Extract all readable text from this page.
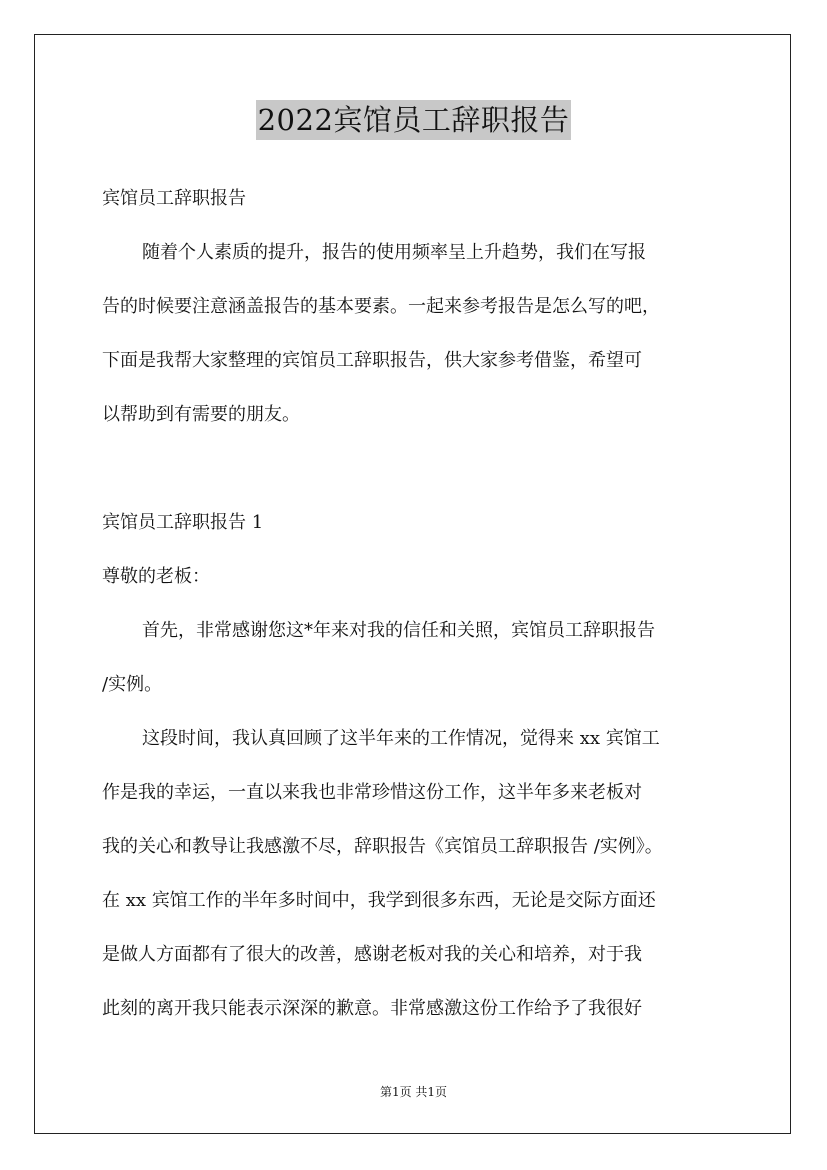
2022宾馆员工辞职报告
宾馆员工辞职报告
随着个人素质的提升，报告的使用频率呈上升趋势，我们在写报
告的时候要注意涵盖报告的基本要素。一起来参考报告是怎么写的吧，
下面是我帮大家整理的宾馆员工辞职报告，供大家参考借鉴，希望可
以帮助到有需要的朋友。
宾馆员工辞职报告 1
尊敬的老板：
首先，非常感谢您这*年来对我的信任和关照，宾馆员工辞职报告
/实例。
这段时间，我认真回顾了这半年来的工作情况，觉得来 xx 宾馆工
作是我的幸运，一直以来我也非常珍惜这份工作，这半年多来老板对
我的关心和教导让我感激不尽，辞职报告《宾馆员工辞职报告 /实例》。
在 xx 宾馆工作的半年多时间中，我学到很多东西，无论是交际方面还
是做人方面都有了很大的改善，感谢老板对我的关心和培养，对于我
此刻的离开我只能表示深深的歉意。非常感激这份工作给予了我很好
第1页 共1页
